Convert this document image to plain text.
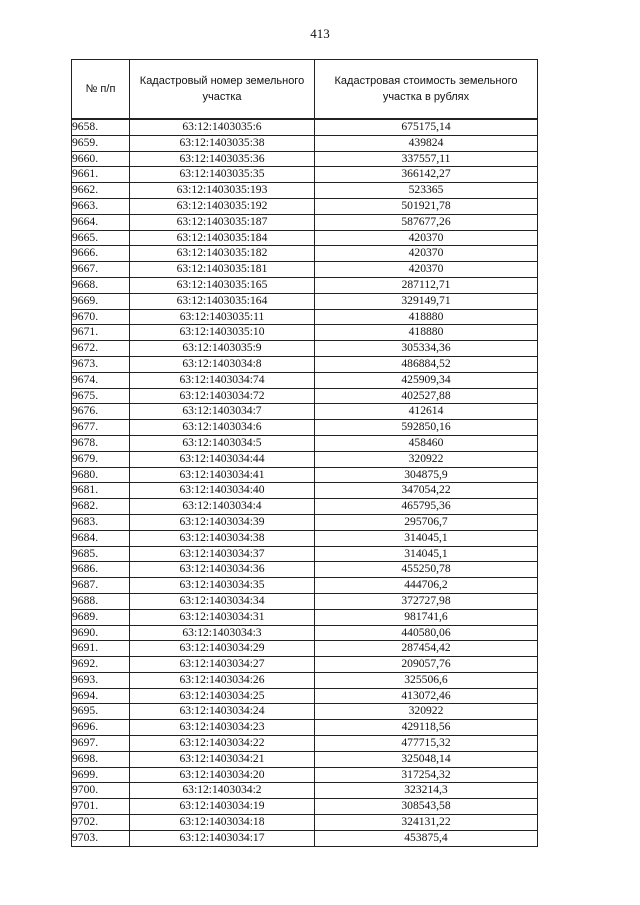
413
№ п/п	Кадастровый номер земельного участка	Кадастровая стоимость земельного участка в рублях
9658.	63:12:1403035:6	675175,14
9659.	63:12:1403035:38	439824
9660.	63:12:1403035:36	337557,11
9661.	63:12:1403035:35	366142,27
9662.	63:12:1403035:193	523365
9663.	63:12:1403035:192	501921,78
9664.	63:12:1403035:187	587677,26
9665.	63:12:1403035:184	420370
9666.	63:12:1403035:182	420370
9667.	63:12:1403035:181	420370
9668.	63:12:1403035:165	287112,71
9669.	63:12:1403035:164	329149,71
9670.	63:12:1403035:11	418880
9671.	63:12:1403035:10	418880
9672.	63:12:1403035:9	305334,36
9673.	63:12:1403034:8	486884,52
9674.	63:12:1403034:74	425909,34
9675.	63:12:1403034:72	402527,88
9676.	63:12:1403034:7	412614
9677.	63:12:1403034:6	592850,16
9678.	63:12:1403034:5	458460
9679.	63:12:1403034:44	320922
9680.	63:12:1403034:41	304875,9
9681.	63:12:1403034:40	347054,22
9682.	63:12:1403034:4	465795,36
9683.	63:12:1403034:39	295706,7
9684.	63:12:1403034:38	314045,1
9685.	63:12:1403034:37	314045,1
9686.	63:12:1403034:36	455250,78
9687.	63:12:1403034:35	444706,2
9688.	63:12:1403034:34	372727,98
9689.	63:12:1403034:31	981741,6
9690.	63:12:1403034:3	440580,06
9691.	63:12:1403034:29	287454,42
9692.	63:12:1403034:27	209057,76
9693.	63:12:1403034:26	325506,6
9694.	63:12:1403034:25	413072,46
9695.	63:12:1403034:24	320922
9696.	63:12:1403034:23	429118,56
9697.	63:12:1403034:22	477715,32
9698.	63:12:1403034:21	325048,14
9699.	63:12:1403034:20	317254,32
9700.	63:12:1403034:2	323214,3
9701.	63:12:1403034:19	308543,58
9702.	63:12:1403034:18	324131,22
9703.	63:12:1403034:17	453875,4
